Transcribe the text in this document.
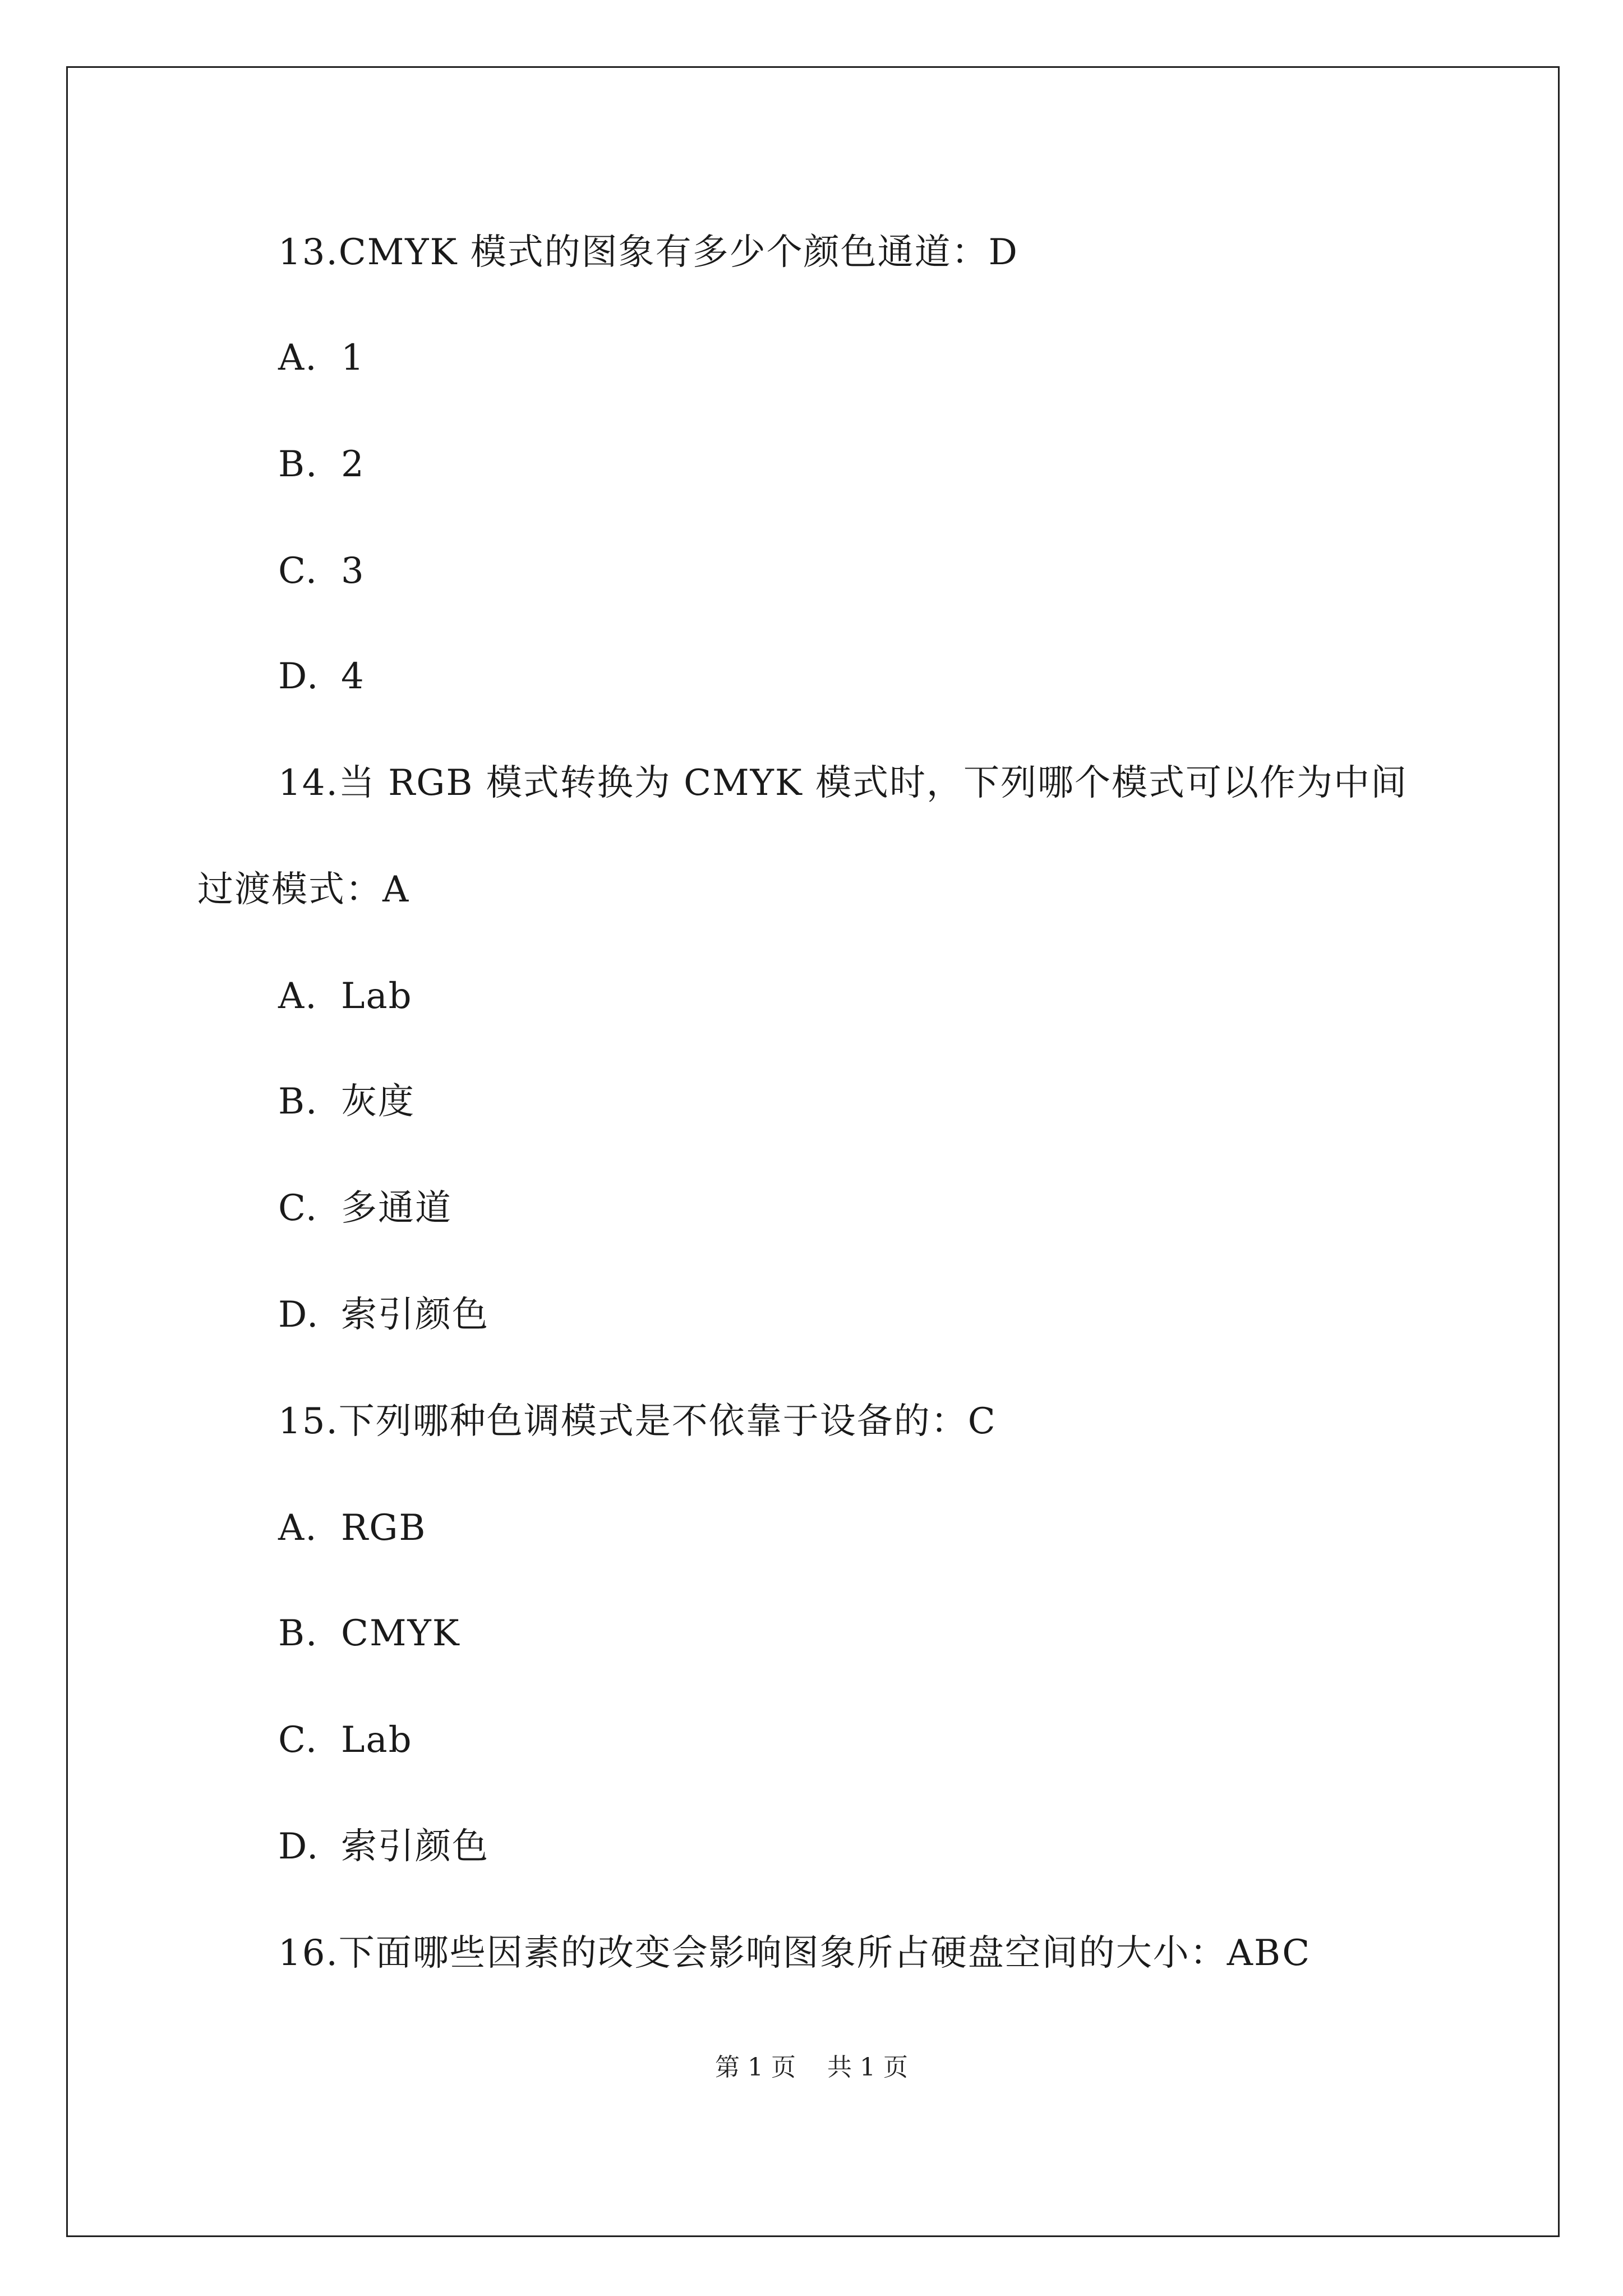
13.CMYK 模式的图象有多少个颜色通道：D
A. 1
B. 2
C. 3
D. 4
14.当 RGB 模式转换为 CMYK 模式时，下列哪个模式可以作为中间
过渡模式：A
A. Lab
B. 灰度
C. 多通道
D. 索引颜色
15.下列哪种色调模式是不依靠于设备的：C
A. RGB
B. CMYK
C. Lab
D. 索引颜色
16.下面哪些因素的改变会影响图象所占硬盘空间的大小：ABC
第 1 页 共 1 页
